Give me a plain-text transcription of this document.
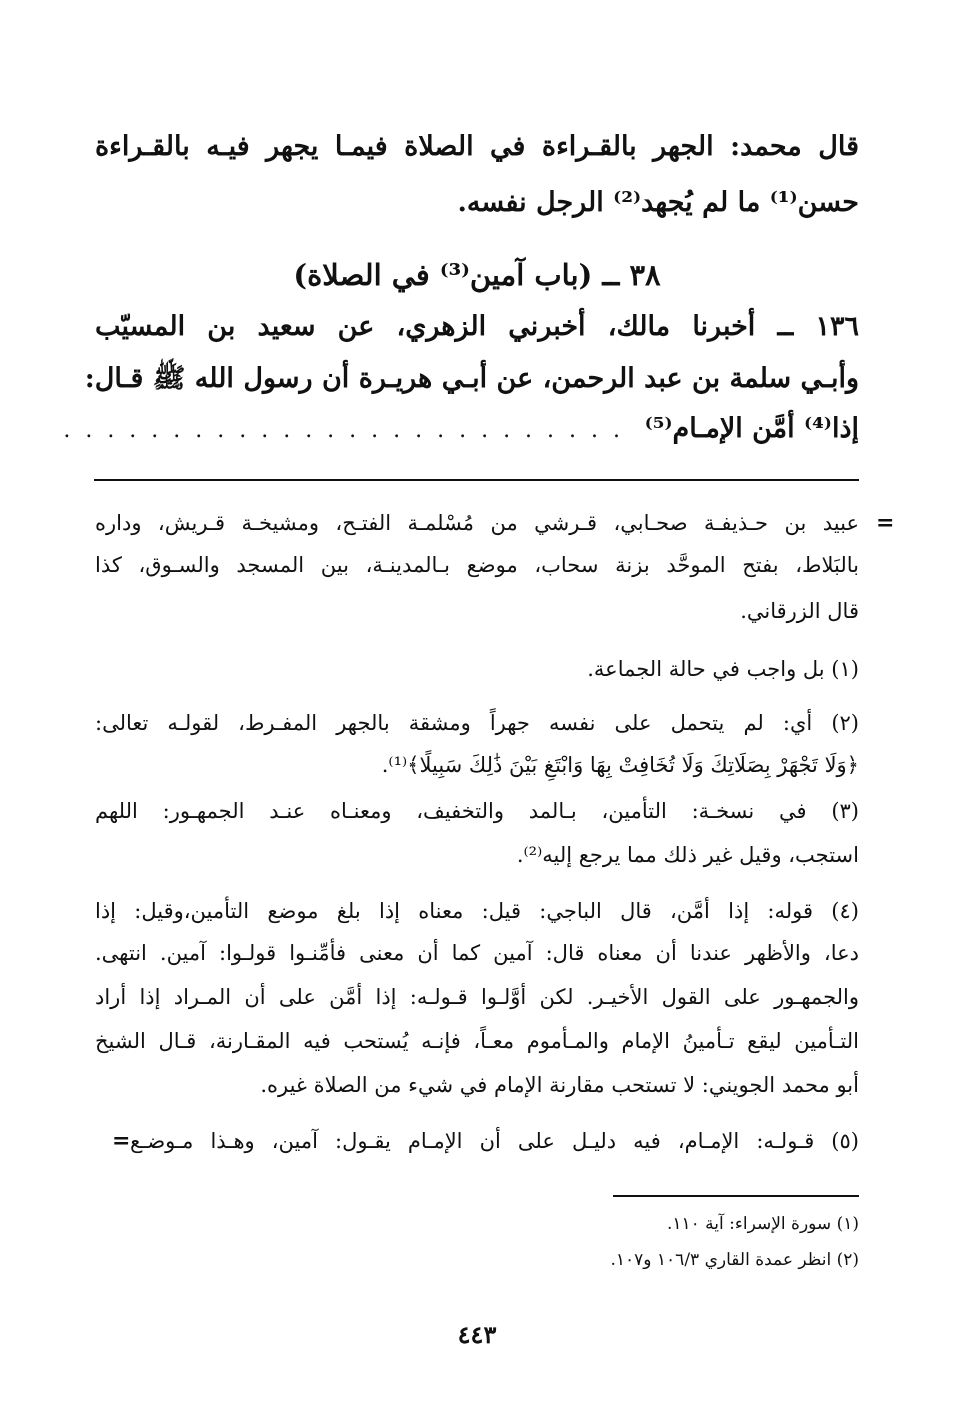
قال محمد: الجهر بالقـراءة في الصلاة فيمـا يجهر فيـه بالقـراءة
حسن⁽¹⁾ ما لم يُجهد⁽²⁾ الرجل نفسه.
٣٨ ــ (باب آمين⁽³⁾ في الصلاة)
١٣٦ ــ أخبرنا مالك، أخبرني الزهري، عن سعيد بن المسيّب
وأبـي سلمة بن عبد الرحمن، عن أبـي هريـرة أن رسول الله ﷺ قـال:
إذا⁽⁴⁾ أمَّن الإمـام⁽⁵⁾
. . . . . . . . . . . . . . . . . . . . . . . . . .
=
عبيد بن حـذيفـة صحـابي، قـرشي من مُسْلمـة الفتـح، ومشيخـة قـريش، وداره
بالبَلاط، بفتح الموحَّد بزنة سحاب، موضع بـالمدينـة، بين المسجد والسـوق، كذا
قال الزرقاني.
(١) بل واجب في حالة الجماعة.
(٢) أي: لم يتحمل على نفسه جهراً ومشقة بالجهر المفـرط، لقولـه تعالى:
﴿وَلَا تَجْهَرْ بِصَلَاتِكَ وَلَا تُخَافِتْ بِهَا وَابْتَغِ بَيْنَ ذَٰلِكَ سَبِيلًا﴾⁽¹⁾.
(٣) في نسخـة: التأمين، بـالمد والتخفيف، ومعنـاه عنـد الجمهـور: اللهم
استجب، وقيل غير ذلك مما يرجع إليه⁽²⁾.
(٤) قوله: إذا أمَّن، قال الباجي: قيل: معناه إذا بلغ موضع التأمين،وقيل: إذا
دعا، والأظهر عندنا أن معناه قال: آمين كما أن معنى فأمِّنـوا قولـوا: آمين. انتهى.
والجمهـور على القول الأخيـر. لكن أوَّلـوا قـولـه: إذا أمَّن على أن المـراد إذا أراد
التـأمين ليقع تـأمينُ الإمام والمـأموم معـاً، فإنـه يُستحب فيه المقـارنة، قـال الشيخ
أبو محمد الجويني: لا تستحب مقارنة الإمام في شيء من الصلاة غيره.
(٥) قـولـه: الإمـام، فيه دليـل على أن الإمـام يقـول: آمين، وهـذا مـوضـع
=
(١) سورة الإسراء: آية ١١٠.
(٢) انظر عمدة القاري ١٠٦/٣ و١٠٧.
٤٤٣
